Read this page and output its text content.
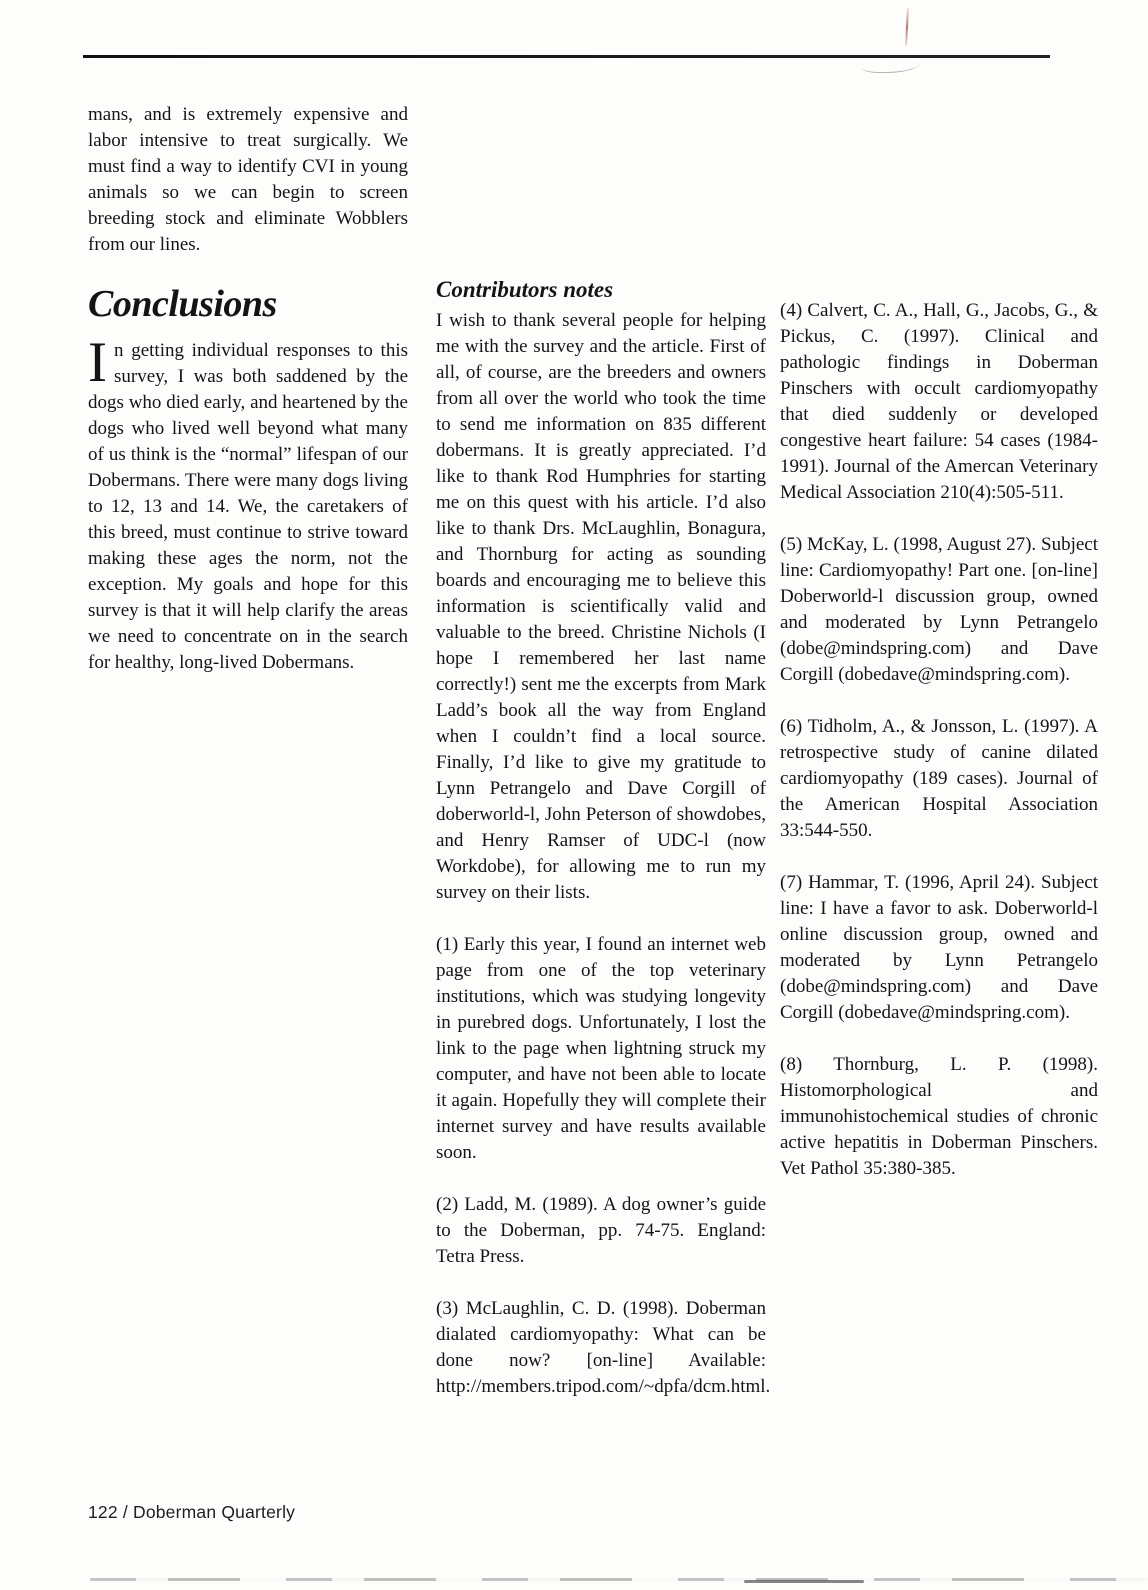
mans, and is extremely expensive and labor intensive to treat surgically. We must find a way to identify CVI in young animals so we can begin to screen breeding stock and eliminate Wobblers from our lines.

Conclusions

In getting individual responses to this survey, I was both saddened by the dogs who died early, and heartened by the dogs who lived well beyond what many of us think is the “normal” lifespan of our Dobermans. There were many dogs living to 12, 13 and 14. We, the caretakers of this breed, must continue to strive toward making these ages the norm, not the exception. My goals and hope for this survey is that it will help clarify the areas we need to concentrate on in the search for healthy, long-lived Dobermans.

Contributors notes

I wish to thank several people for helping me with the survey and the article. First of all, of course, are the breeders and owners from all over the world who took the time to send me information on 835 different dobermans. It is greatly appreciated. I’d like to thank Rod Humphries for starting me on this quest with his article. I’d also like to thank Drs. McLaughlin, Bonagura, and Thornburg for acting as sounding boards and encouraging me to believe this information is scientifically valid and valuable to the breed. Christine Nichols (I hope I remembered her last name correctly!) sent me the excerpts from Mark Ladd’s book all the way from England when I couldn’t find a local source. Finally, I’d like to give my gratitude to Lynn Petrangelo and Dave Corgill of doberworld-l, John Peterson of showdobes, and Henry Ramser of UDC-l (now Workdobe), for allowing me to run my survey on their lists.

(1) Early this year, I found an internet web page from one of the top veterinary institutions, which was studying longevity in purebred dogs. Unfortunately, I lost the link to the page when lightning struck my computer, and have not been able to locate it again. Hopefully they will complete their internet survey and have results available soon.

(2) Ladd, M. (1989). A dog owner’s guide to the Doberman, pp. 74-75. England: Tetra Press.

(3) McLaughlin, C. D. (1998). Doberman dialated cardiomyopathy: What can be done now? [on-line] Available: http://members.tripod.com/~dpfa/dcm.html.

(4) Calvert, C. A., Hall, G., Jacobs, G., & Pickus, C. (1997). Clinical and pathologic findings in Doberman Pinschers with occult cardiomyopathy that died suddenly or developed congestive heart failure: 54 cases (1984-1991). Journal of the Amercan Veterinary Medical Association 210(4):505-511.

(5) McKay, L. (1998, August 27). Subject line: Cardiomyopathy! Part one. [on-line] Doberworld-l discussion group, owned and moderated by Lynn Petrangelo (dobe@mindspring.com) and Dave Corgill (dobedave@mindspring.com).

(6) Tidholm, A., & Jonsson, L. (1997). A retrospective study of canine dilated cardiomyopathy (189 cases). Journal of the American Hospital Association 33:544-550.

(7) Hammar, T. (1996, April 24). Subject line: I have a favor to ask. Doberworld-l online discussion group, owned and moderated by Lynn Petrangelo (dobe@mindspring.com) and Dave Corgill (dobedave@mindspring.com).

(8) Thornburg, L. P. (1998). Histomorphological and immunohistochemical studies of chronic active hepatitis in Doberman Pinschers. Vet Pathol 35:380-385.

122 / Doberman Quarterly
